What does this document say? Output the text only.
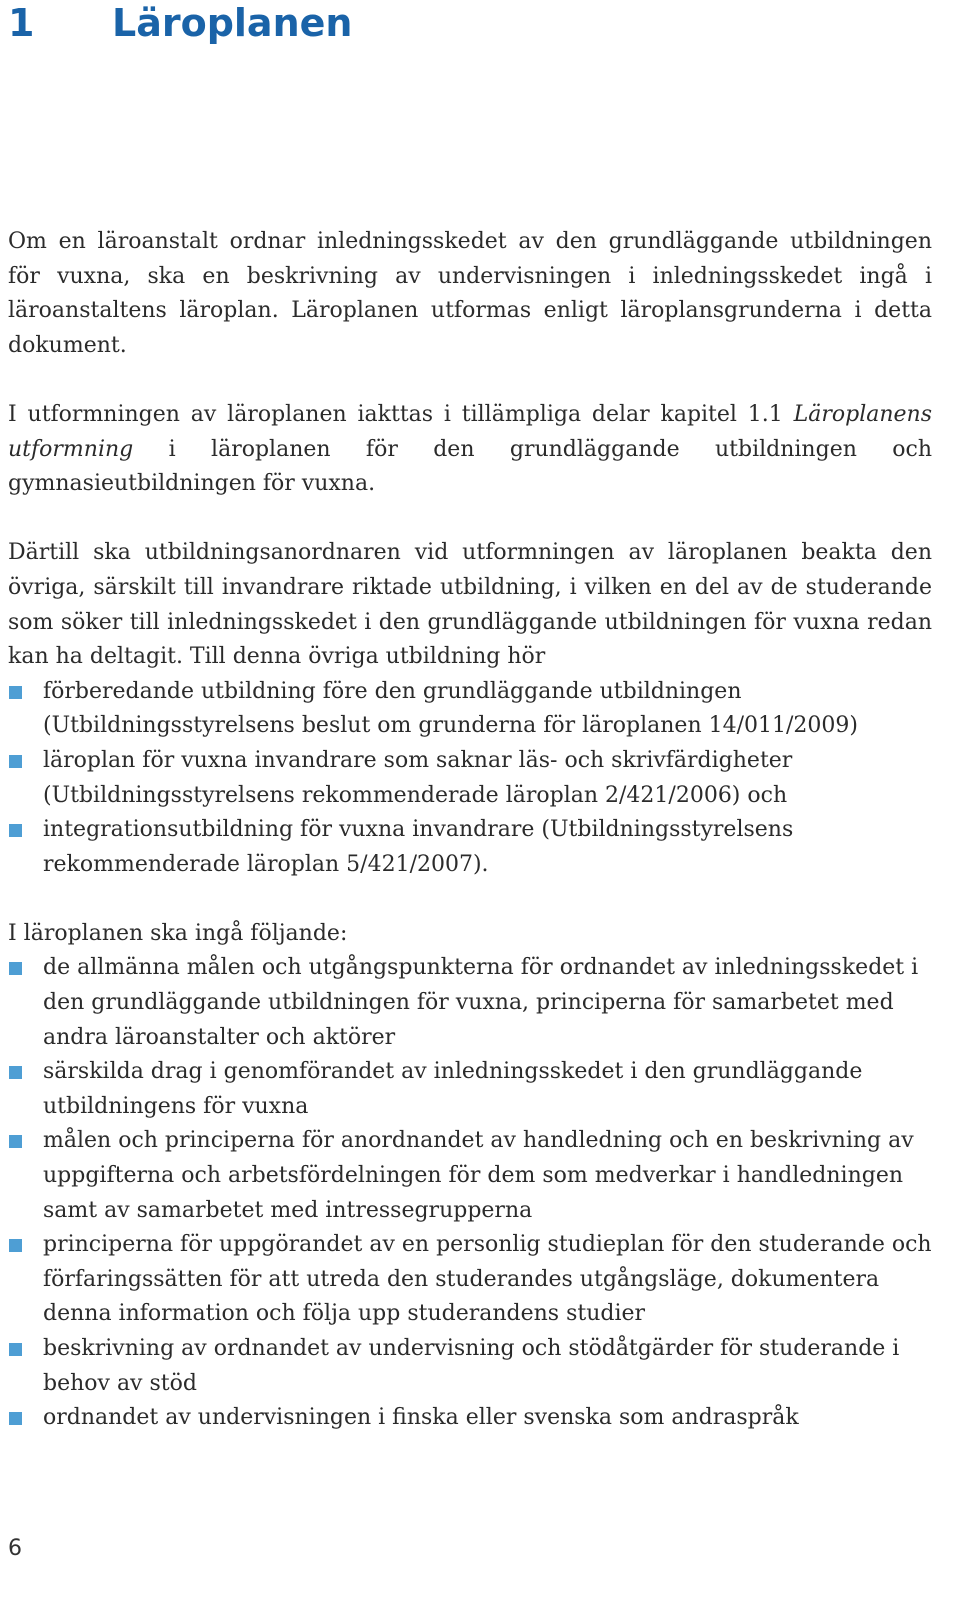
1 Läroplanen

Om en läroanstalt ordnar inledningsskedet av den grundläggande utbildningen för vuxna, ska en beskrivning av undervisningen i inledningsskedet ingå i läroanstaltens läroplan. Läroplanen utformas enligt läroplansgrunderna i detta dokument.

I utformningen av läroplanen iakttas i tillämpliga delar kapitel 1.1 Läroplanens utformning i läroplanen för den grundläggande utbildningen och gymnasieutbildningen för vuxna.

Därtill ska utbildningsanordnaren vid utformningen av läroplanen beakta den övriga, särskilt till invandrare riktade utbildning, i vilken en del av de studerande som söker till inledningsskedet i den grundläggande utbildningen för vuxna redan kan ha deltagit. Till denna övriga utbildning hör

förberedande utbildning före den grundläggande utbildningen (Utbildningsstyrelsens beslut om grunderna för läroplanen 14/011/2009)
läroplan för vuxna invandrare som saknar läs- och skrivfärdigheter (Utbildningsstyrelsens rekommenderade läroplan 2/421/2006) och
integrationsutbildning för vuxna invandrare (Utbildningsstyrelsens rekommenderade läroplan 5/421/2007).

I läroplanen ska ingå följande:

de allmänna målen och utgångspunkterna för ordnandet av inledningsskedet i den grundläggande utbildningen för vuxna, principerna för samarbetet med andra läroanstalter och aktörer
särskilda drag i genomförandet av inledningsskedet i den grundläggande utbildningens för vuxna
målen och principerna för anordnandet av handledning och en beskrivning av uppgifterna och arbetsfördelningen för dem som medverkar i handledningen samt av samarbetet med intressegrupperna
principerna för uppgörandet av en personlig studieplan för den studerande och förfaringssätten för att utreda den studerandes utgångsläge, dokumentera denna information och följa upp studerandens studier
beskrivning av ordnandet av undervisning och stödåtgärder för studerande i behov av stöd
ordnandet av undervisningen i finska eller svenska som andraspråk
6
